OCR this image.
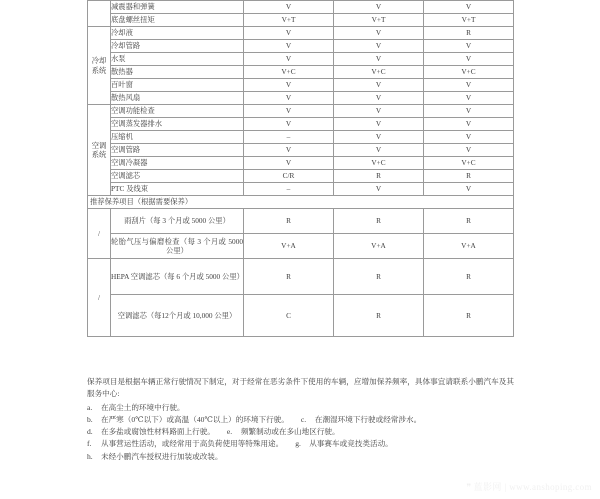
	减震器和弹簧	V	V	V
	底盘螺丝扭矩	V+T	V+T	V+T

冷却
系统	冷却液	V	V	R
	冷却管路	V	V	V
	水泵	V	V	V
	散热器	V+C	V+C	V+C
	百叶窗	V	V	V
	散热风扇	V	V	V

空调
系统	空调功能检查	V	V	V
	空调蒸发器排水	V	V	V
	压缩机	–	V	V
	空调管路	V	V	V
	空调冷凝器	V	V+C	V+C
	空调滤芯	C/R	R	R
	PTC 及线束	–	V	V
推荐保养项目（根据需要保养）				
/	雨刮片（每 3 个月或 5000 公里）	R	R	R
	轮胎气压与偏磨检查（每 3 个月或 5000 公里）	V+A	V+A	V+A
/	HEPA 空调滤芯（每 6 个月或 5000 公里）	R	R	R
	空调滤芯（每12个月或 10,000 公里）	C	R	R

保养项目是根据车辆正常行驶情况下制定，对于经常在恶劣条件下使用的车辆，应增加保养频率，具体事宜请联系小鹏汽车及其服务中心:

a. 在高尘土的环境中行驶。
b. 在严寒（0℃以下）或高温（40℃以上）的环境下行驶。 c. 在潮湿环境下行驶或经常涉水。
d. 在多盐或腐蚀性材料路面上行驶。 e. 频繁制动或在多山地区行驶。
f. 从事营运性活动，或经常用于高负荷使用等特殊用途。 g. 从事赛车或竞技类活动。
h. 未经小鹏汽车授权进行加装或改装。
❞ 蓝影网 | www.anshoping.com
